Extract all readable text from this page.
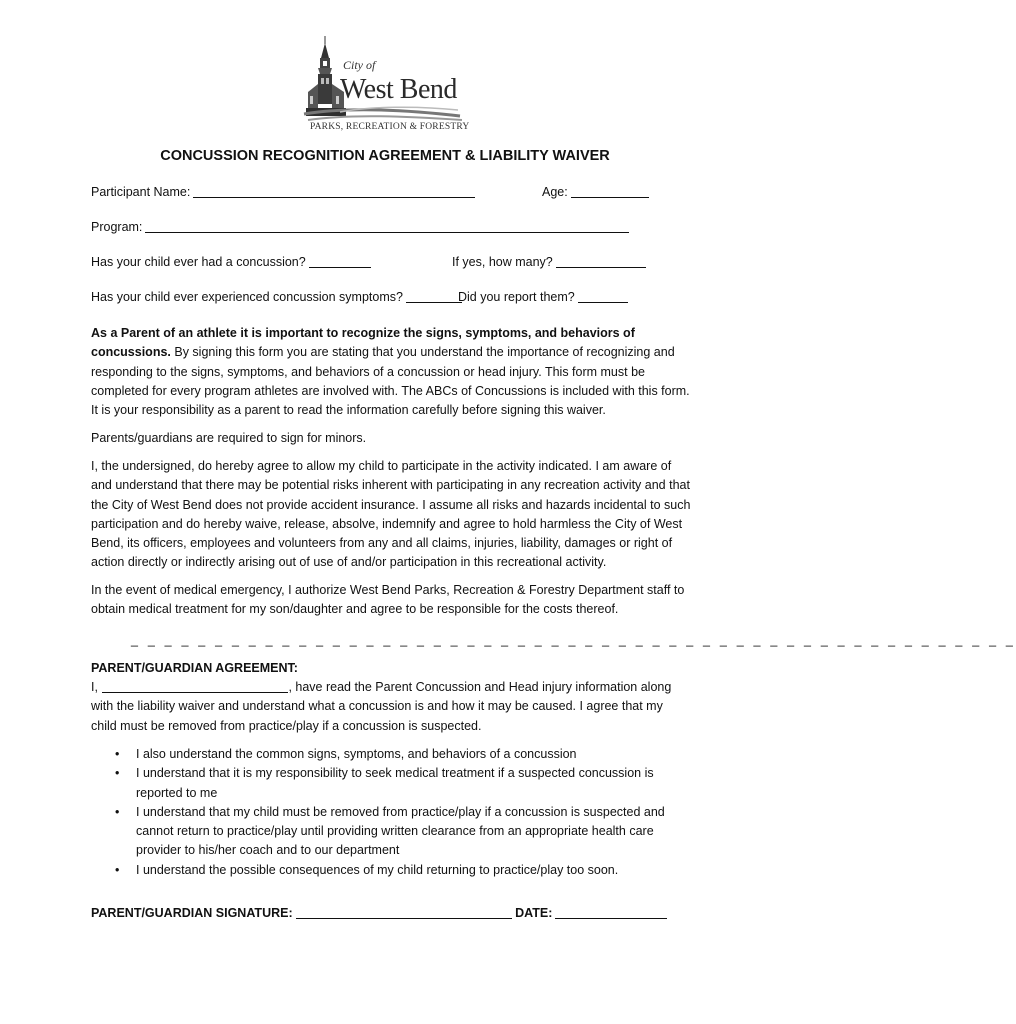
City of
West Bend
PARKS, RECREATION & FORESTRY
CONCUSSION RECOGNITION AGREEMENT & LIABILITY WAIVER
Participant Name:	Age:
Program:
Has your child ever had a concussion?	If yes, how many?
Has your child ever experienced concussion symptoms?	Did you report them?

As a Parent of an athlete it is important to recognize the signs, symptoms, and behaviors of concussions. By signing this form you are stating that you understand the importance of recognizing and responding to the signs, symptoms, and behaviors of a concussion or head injury. This form must be completed for every program athletes are involved with. The ABCs of Concussions is included with this form. It is your responsibility as a parent to read the information carefully before signing this waiver.

Parents/guardians are required to sign for minors.

I, the undersigned, do hereby agree to allow my child to participate in the activity indicated. I am aware of and understand that there may be potential risks inherent with participating in any recreation activity and that the City of West Bend does not provide accident insurance. I assume all risks and hazards incidental to such participation and do hereby waive, release, absolve, indemnify and agree to hold harmless the City of West Bend, its officers, employees and volunteers from any and all claims, injuries, liability, damages or right of action directly or indirectly arising out of use of and/or participation in this recreational activity.

In the event of medical emergency, I authorize West Bend Parks, Recreation & Forestry Department staff to obtain medical treatment for my son/daughter and agree to be responsible for the costs thereof.

_ _ _ _ _ _ _ _ _ _ _ _ _ _ _ _ _ _ _ _ _ _ _ _ _ _ _ _ _ _ _ _ _ _ _ _ _ _ _ _ _ _ _ _ _ _ _ _ _ _ _ _ _

PARENT/GUARDIAN AGREEMENT:

I,	, have read the Parent Concussion and Head injury information along with the liability waiver and understand what a concussion is and how it may be caused. I agree that my child must be removed from practice/play if a concussion is suspected.

• I also understand the common signs, symptoms, and behaviors of a concussion
• I understand that it is my responsibility to seek medical treatment if a suspected concussion is reported to me
• I understand that my child must be removed from practice/play if a concussion is suspected and cannot return to practice/play until providing written clearance from an appropriate health care provider to his/her coach and to our department
• I understand the possible consequences of my child returning to practice/play too soon.
PARENT/GUARDIAN SIGNATURE:	DATE:
